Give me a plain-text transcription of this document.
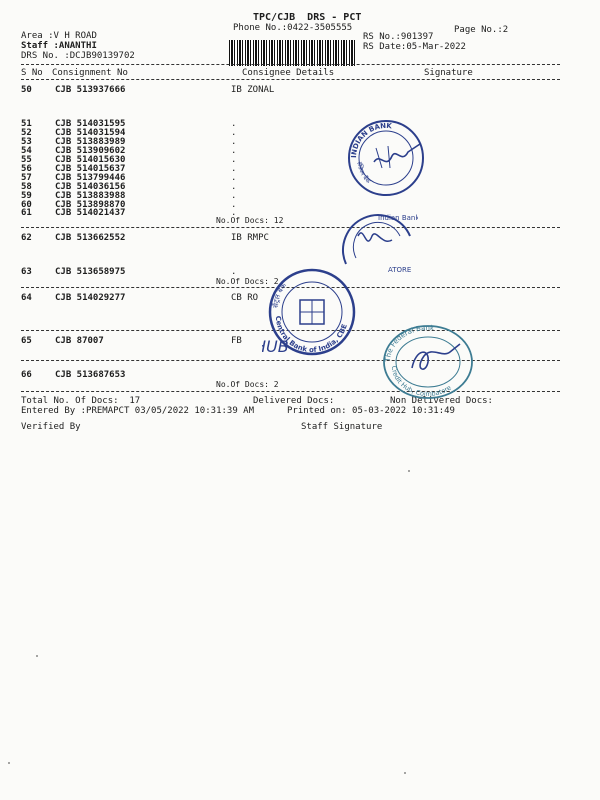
TPC/CJB  DRS - PCT
Phone No.:0422-3505555	Page No.:2
Area :V H ROAD
Staff :ANANTHI
DRS No. :DCJB90139702
RS No.:901397
RS Date:05-Mar-2022
S No Consignment No	Consignee Details	Signature
50	CJB 513937666	IB ZONAL
51	CJB 514031595	.
52	CJB 514031594	.
53	CJB 513883989	.
54	CJB 513909602	.
55	CJB 514015630	.
56	CJB 514015637	.
57	CJB 513799446	.
58	CJB 514036156	.
59	CJB 513883988	.
60	CJB 513898870	.
61	CJB 514021437	.
No.Of Docs: 12
62	CJB 513662552	IB RMPC
63	CJB 513658975	.
No.Of Docs: 2
64	CJB 514029277	CB RO
65	CJB 87007	FB
66	CJB 513687653
No.Of Docs: 2
Total No. Of Docs:  17	Delivered Docs:	Non Delivered Docs:
Entered By :PREMAPCT 03/05/2022 10:31:39 AM	Printed on: 05-03-2022 10:31:49
Verified By	Staff Signature
INDIAN BANK
इंडियन बैंक
Indian Bank
ATORE
Central Bank of India, CBE
सेंट्रल बैंक
UB
The Federal Bank
Credit Hub, Coimbatore
